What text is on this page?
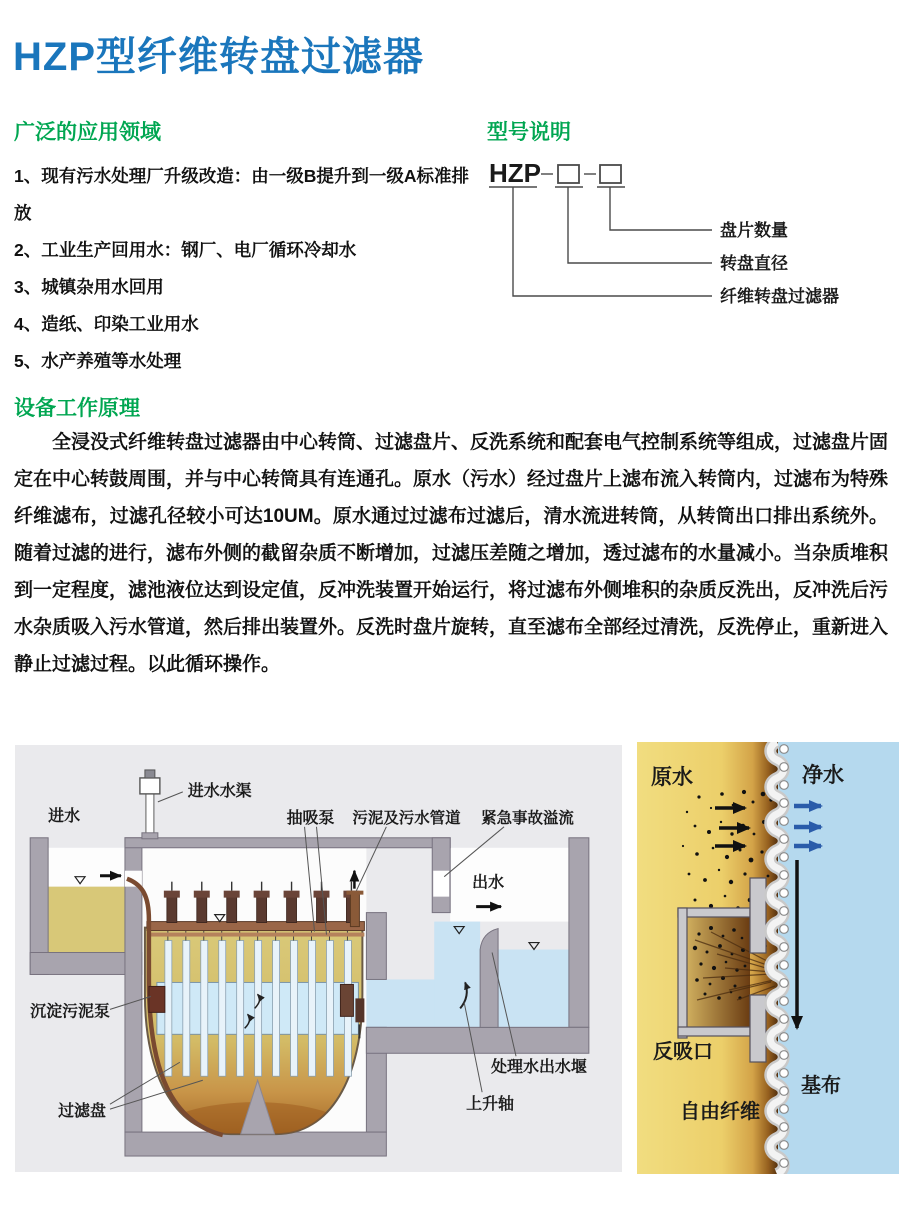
HZP型纤维转盘过滤器
广泛的应用领域
1、现有污水处理厂升级改造：由一级B提升到一级A标准排放
2、工业生产回用水：钢厂、电厂循环冷却水
3、城镇杂用水回用
4、造纸、印染工业用水
5、水产养殖等水处理
型号说明
HZP
盘片数量
转盘直径
纤维转盘过滤器
设备工作原理

全浸没式纤维转盘过滤器由中心转筒、过滤盘片、反洗系统和配套电气控制系统等组成，过滤盘片固定在中心转鼓周围，并与中心转筒具有连通孔。原水（污水）经过盘片上滤布流入转筒内，过滤布为特殊纤维滤布，过滤孔径较小可达10UM。原水通过过滤布过滤后，清水流进转筒，从转筒出口排出系统外。随着过滤的进行，滤布外侧的截留杂质不断增加，过滤压差随之增加，透过滤布的水量减小。当杂质堆积到一定程度，滤池液位达到设定值，反冲洗装置开始运行，将过滤布外侧堆积的杂质反洗出，反冲洗后污水杂质吸入污水管道，然后排出装置外。反洗时盘片旋转，直至滤布全部经过清洗，反洗停止，重新进入静止过滤过程。以此循环操作。

进水
进水水渠
抽吸泵 污泥及污水管道 紧急事故溢流
出水
沉淀污泥泵
过滤盘
处理水出水堰
上升轴
原水	净水
反吸口
自由纤维
基布
